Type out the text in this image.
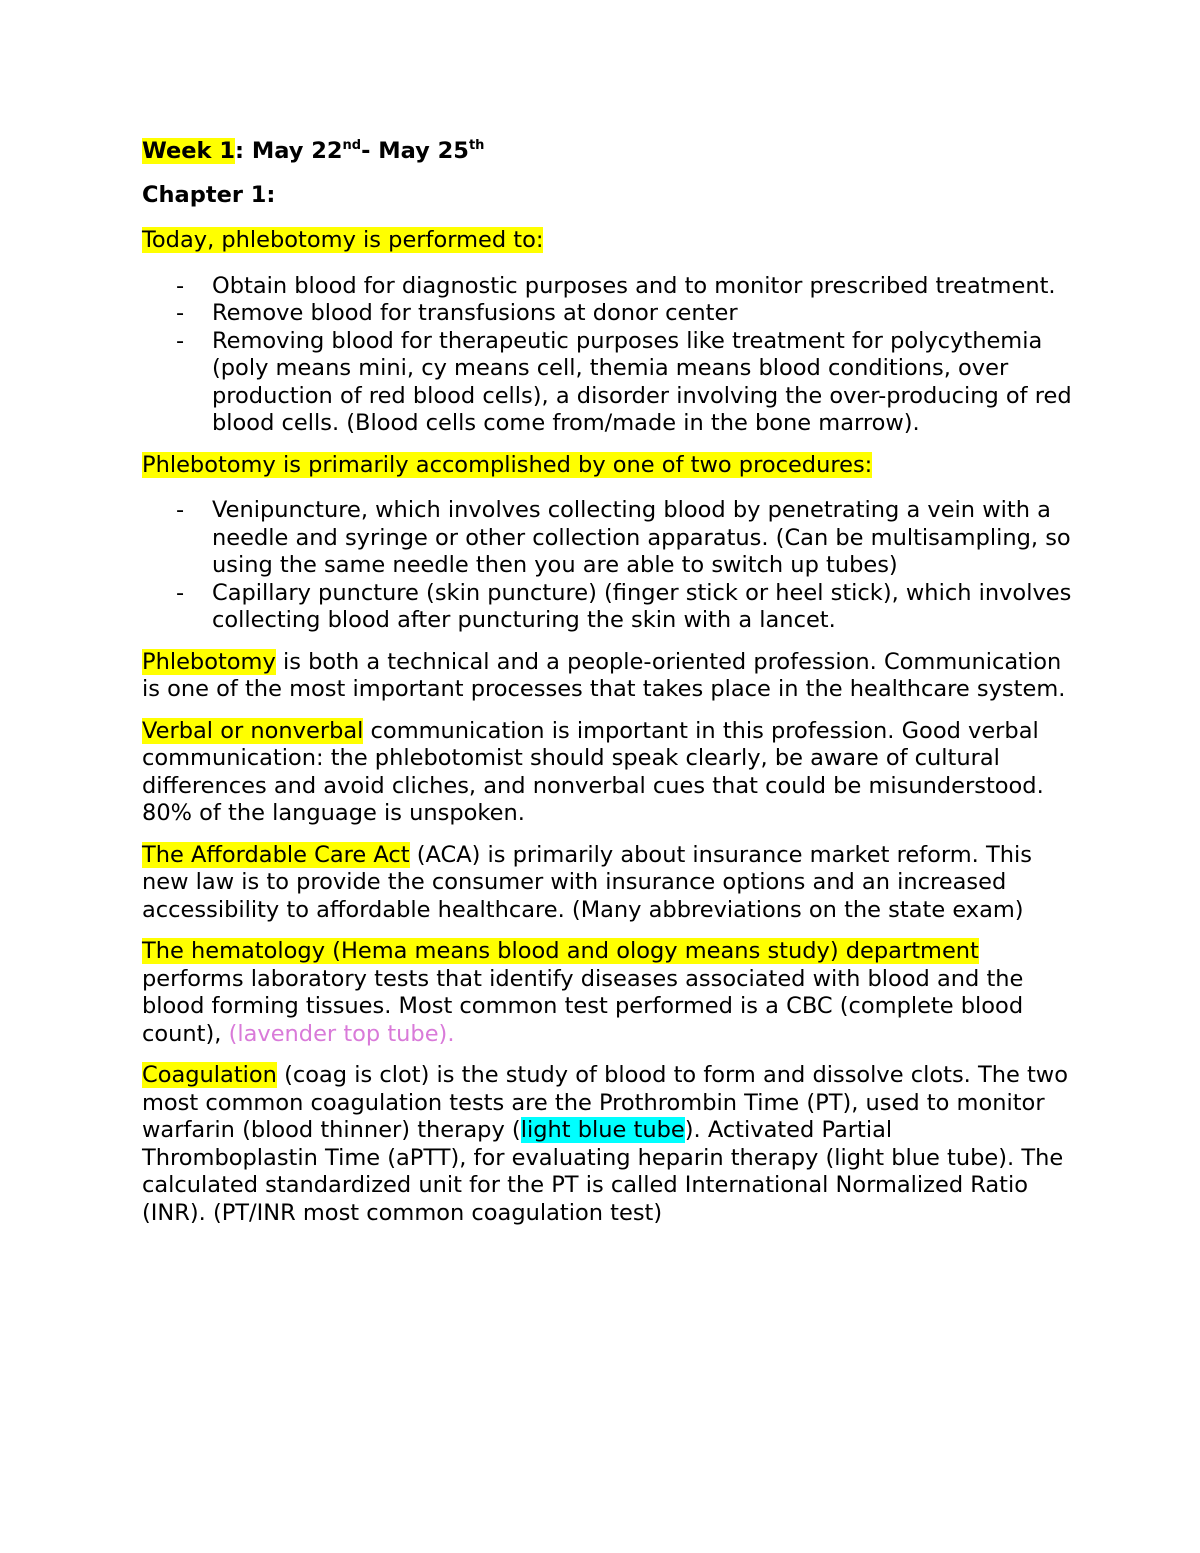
Week 1: May 22nd- May 25th

Chapter 1:

Today, phlebotomy is performed to:

- Obtain blood for diagnostic purposes and to monitor prescribed treatment.
- Remove blood for transfusions at donor center
- Removing blood for therapeutic purposes like treatment for polycythemia (poly means mini, cy means cell, themia means blood conditions, over production of red blood cells), a disorder involving the over-producing of red blood cells. (Blood cells come from/made in the bone marrow).

Phlebotomy is primarily accomplished by one of two procedures:

- Venipuncture, which involves collecting blood by penetrating a vein with a needle and syringe or other collection apparatus. (Can be multisampling, so using the same needle then you are able to switch up tubes)
- Capillary puncture (skin puncture) (finger stick or heel stick), which involves collecting blood after puncturing the skin with a lancet.

Phlebotomy is both a technical and a people-oriented profession. Communication is one of the most important processes that takes place in the healthcare system.

Verbal or nonverbal communication is important in this profession. Good verbal communication: the phlebotomist should speak clearly, be aware of cultural differences and avoid cliches, and nonverbal cues that could be misunderstood. 80% of the language is unspoken.

The Affordable Care Act (ACA) is primarily about insurance market reform. This new law is to provide the consumer with insurance options and an increased accessibility to affordable healthcare. (Many abbreviations on the state exam)

The hematology (Hema means blood and ology means study) department performs laboratory tests that identify diseases associated with blood and the blood forming tissues. Most common test performed is a CBC (complete blood count), (lavender top tube).

Coagulation (coag is clot) is the study of blood to form and dissolve clots. The two most common coagulation tests are the Prothrombin Time (PT), used to monitor warfarin (blood thinner) therapy (light blue tube). Activated Partial Thromboplastin Time (aPTT), for evaluating heparin therapy (light blue tube). The calculated standardized unit for the PT is called International Normalized Ratio (INR). (PT/INR most common coagulation test)
